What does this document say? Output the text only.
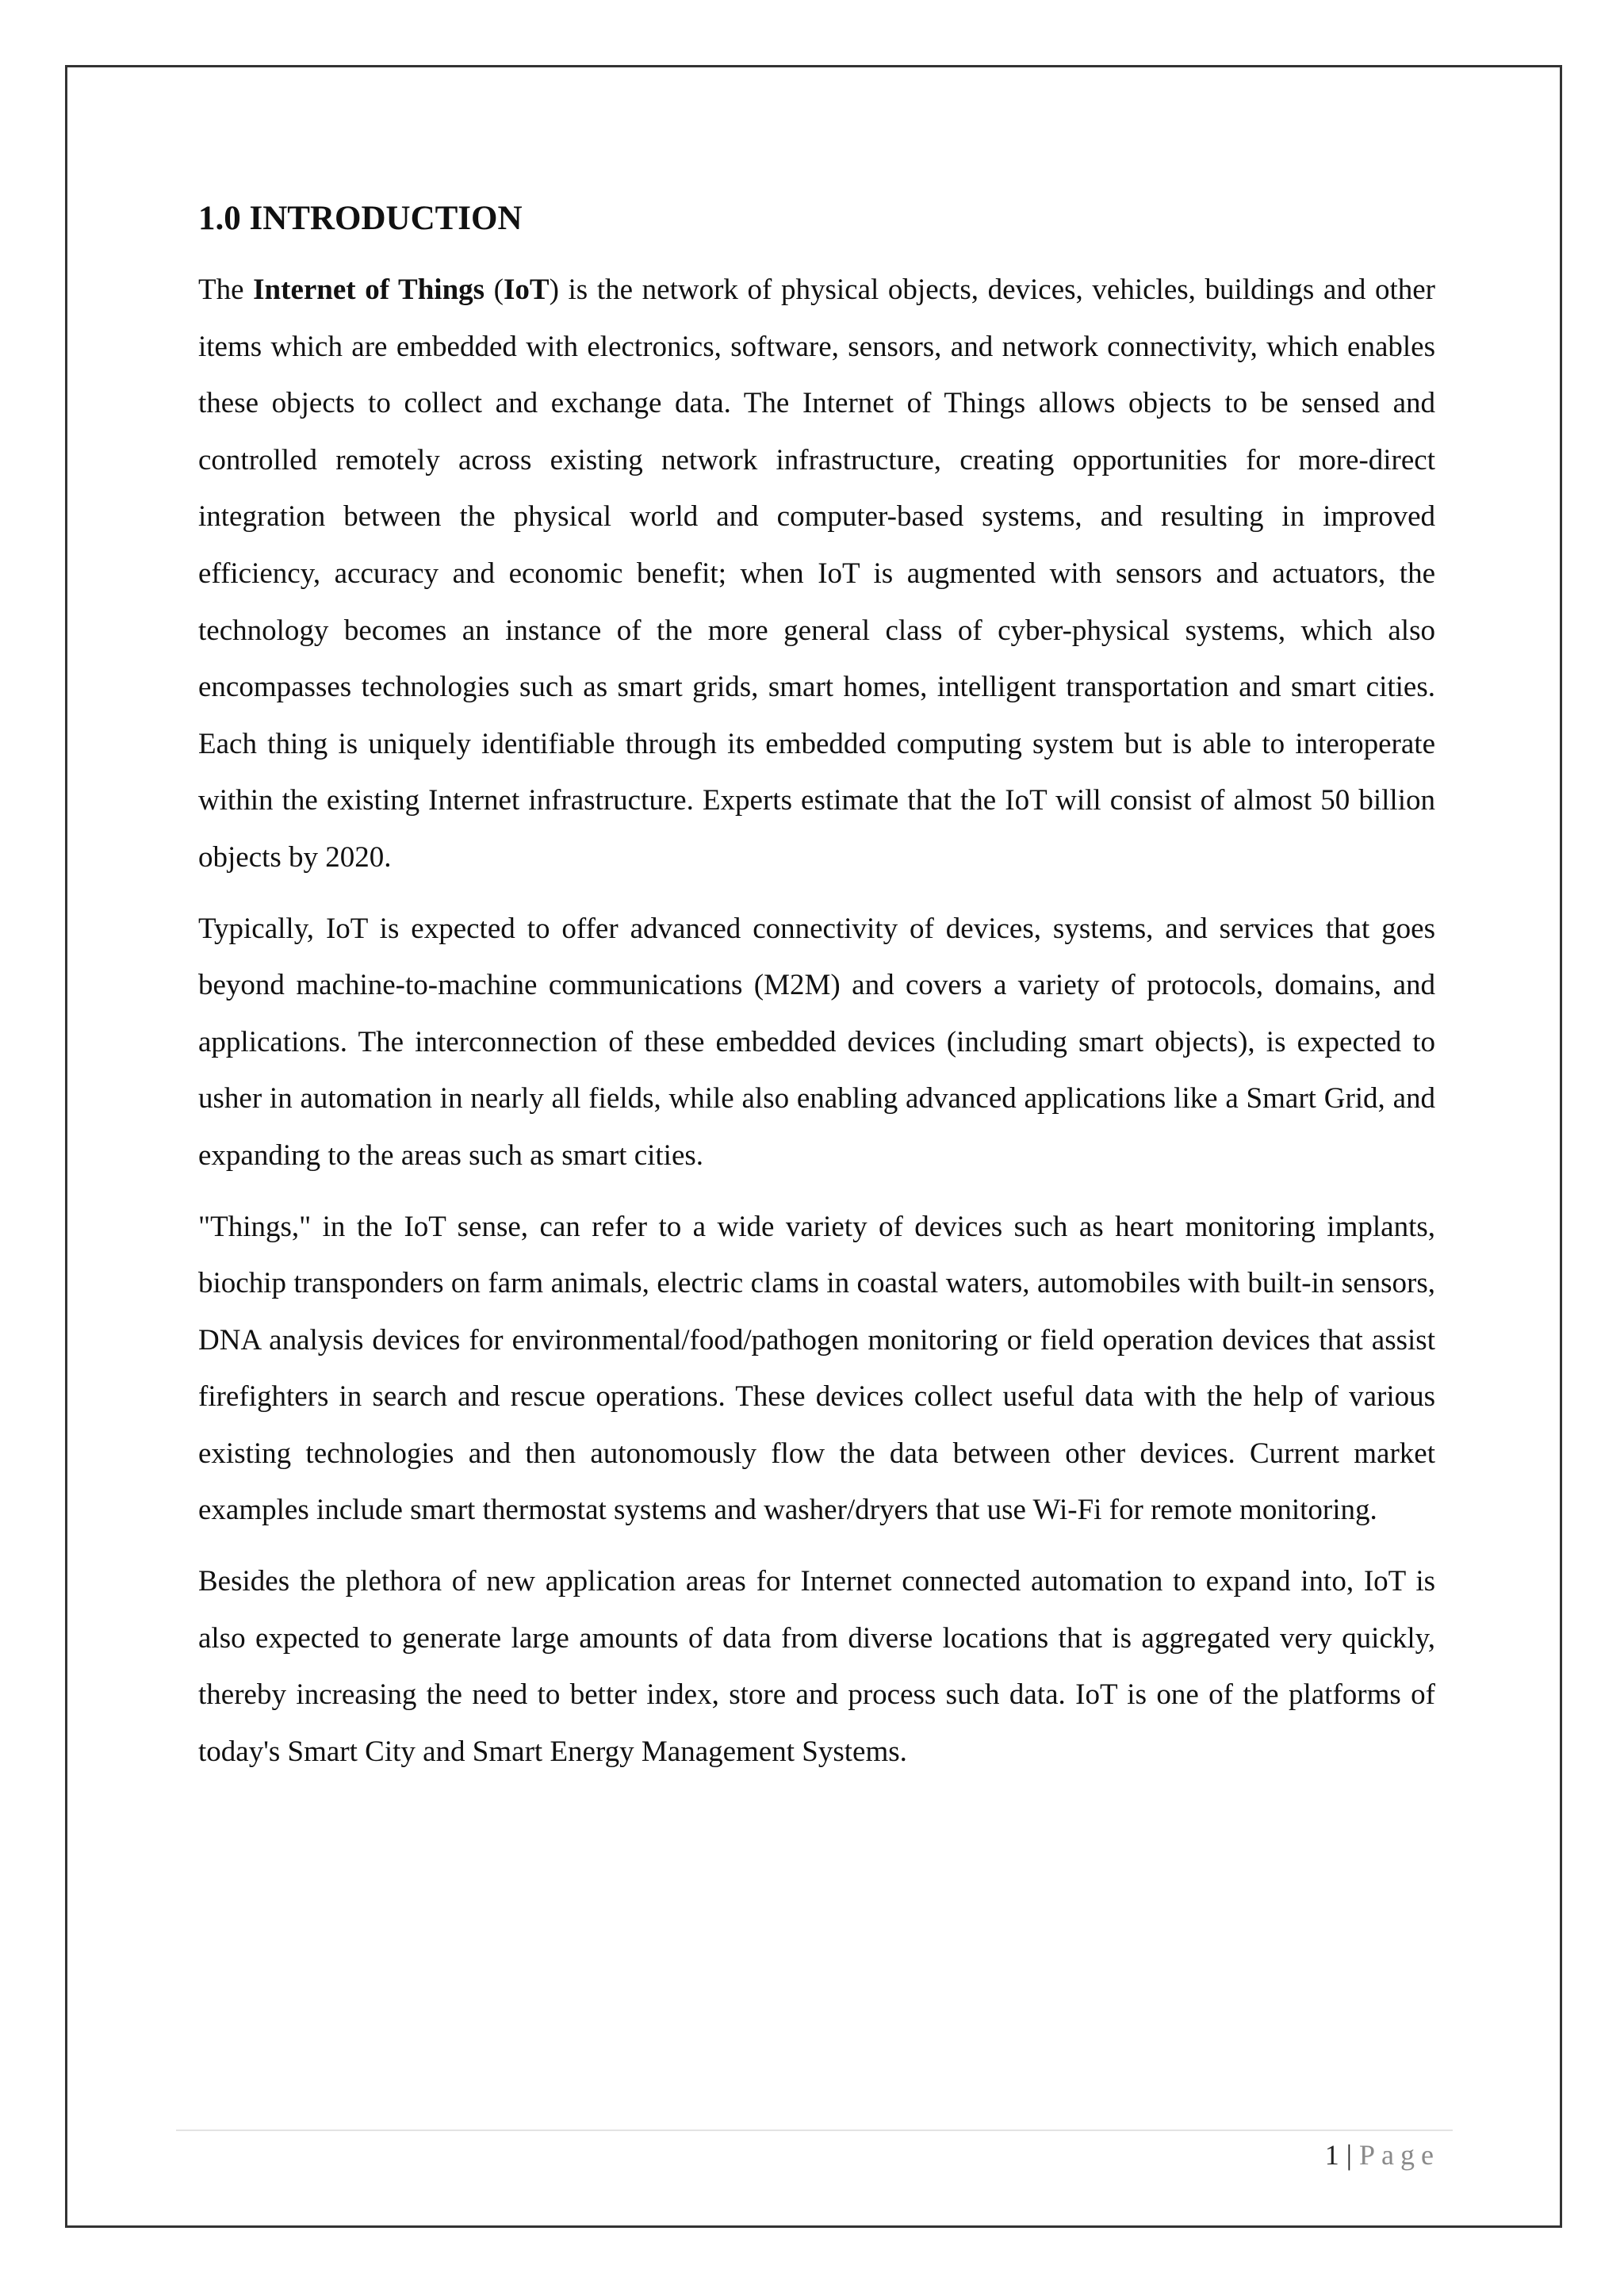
1.0 INTRODUCTION

The Internet of Things (IoT) is the network of physical objects, devices, vehicles, buildings and other items which are embedded with electronics, software, sensors, and network connectivity, which enables these objects to collect and exchange data. The Internet of Things allows objects to be sensed and controlled remotely across existing network infrastructure, creating opportunities for more-direct integration between the physical world and computer-based systems, and resulting in improved efficiency, accuracy and economic benefit; when IoT is augmented with sensors and actuators, the technology becomes an instance of the more general class of cyber-physical systems, which also encompasses technologies such as smart grids, smart homes, intelligent transportation and smart cities. Each thing is uniquely identifiable through its embedded computing system but is able to interoperate within the existing Internet infrastructure. Experts estimate that the IoT will consist of almost 50 billion objects by 2020.

Typically, IoT is expected to offer advanced connectivity of devices, systems, and services that goes beyond machine-to-machine communications (M2M) and covers a variety of protocols, domains, and applications. The interconnection of these embedded devices (including smart objects), is expected to usher in automation in nearly all fields, while also enabling advanced applications like a Smart Grid, and expanding to the areas such as smart cities.

"Things," in the IoT sense, can refer to a wide variety of devices such as heart monitoring implants, biochip transponders on farm animals, electric clams in coastal waters, automobiles with built-in sensors, DNA analysis devices for environmental/food/pathogen monitoring or field operation devices that assist firefighters in search and rescue operations. These devices collect useful data with the help of various existing technologies and then autonomously flow the data between other devices. Current market examples include smart thermostat systems and washer/dryers that use Wi-Fi for remote monitoring.

Besides the plethora of new application areas for Internet connected automation to expand into, IoT is also expected to generate large amounts of data from diverse locations that is aggregated very quickly, thereby increasing the need to better index, store and process such data. IoT is one of the platforms of today's Smart City and Smart Energy Management Systems.

1 | Page
